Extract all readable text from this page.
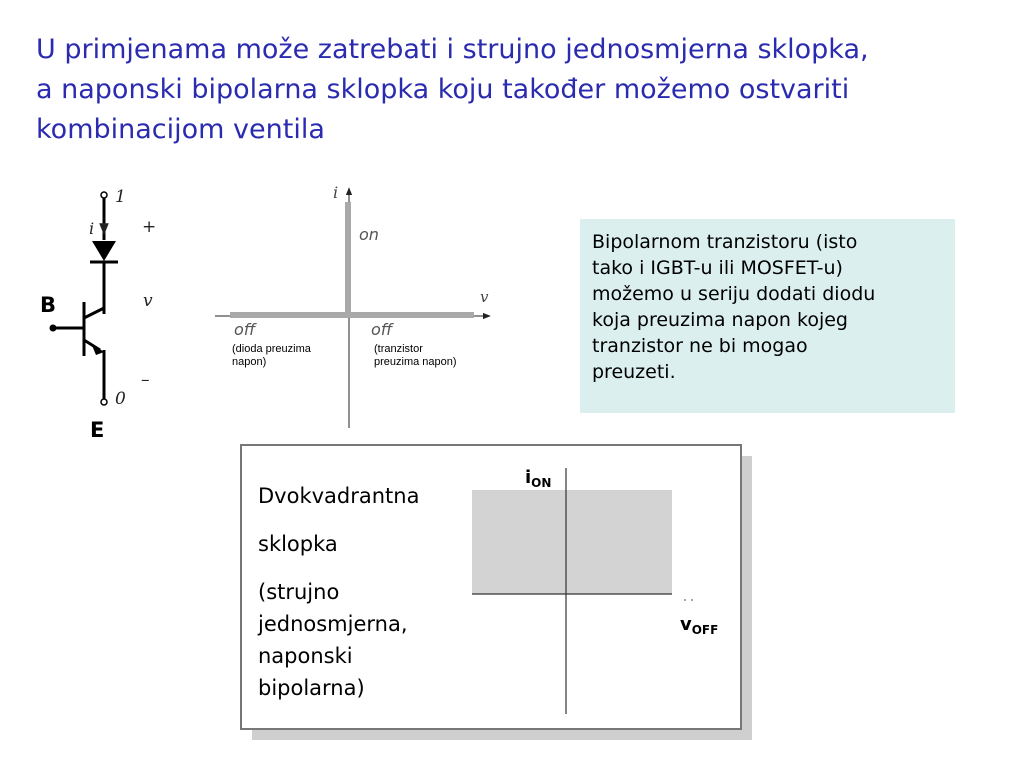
U primjenama može zatrebati i strujno jednosmjerna sklopka,
a naponski bipolarna sklopka koju također možemo ostvariti
kombinacijom ventila
1
i	+
v
–
0
B
E
i
v
on
off	off
(dioda preuzima
napon)
(tranzistor
preuzima napon)
Bipolarnom tranzistoru (isto
tako i IGBT-u ili MOSFET-u)
možemo u seriju dodati diodu
koja preuzima napon kojeg
tranzistor ne bi mogao
preuzeti.
$i_{ON}$
$v_{OFF}$
Dvokvadrantna
sklopka
(strujno
jednosmjerna,
naponski
bipolarna)
